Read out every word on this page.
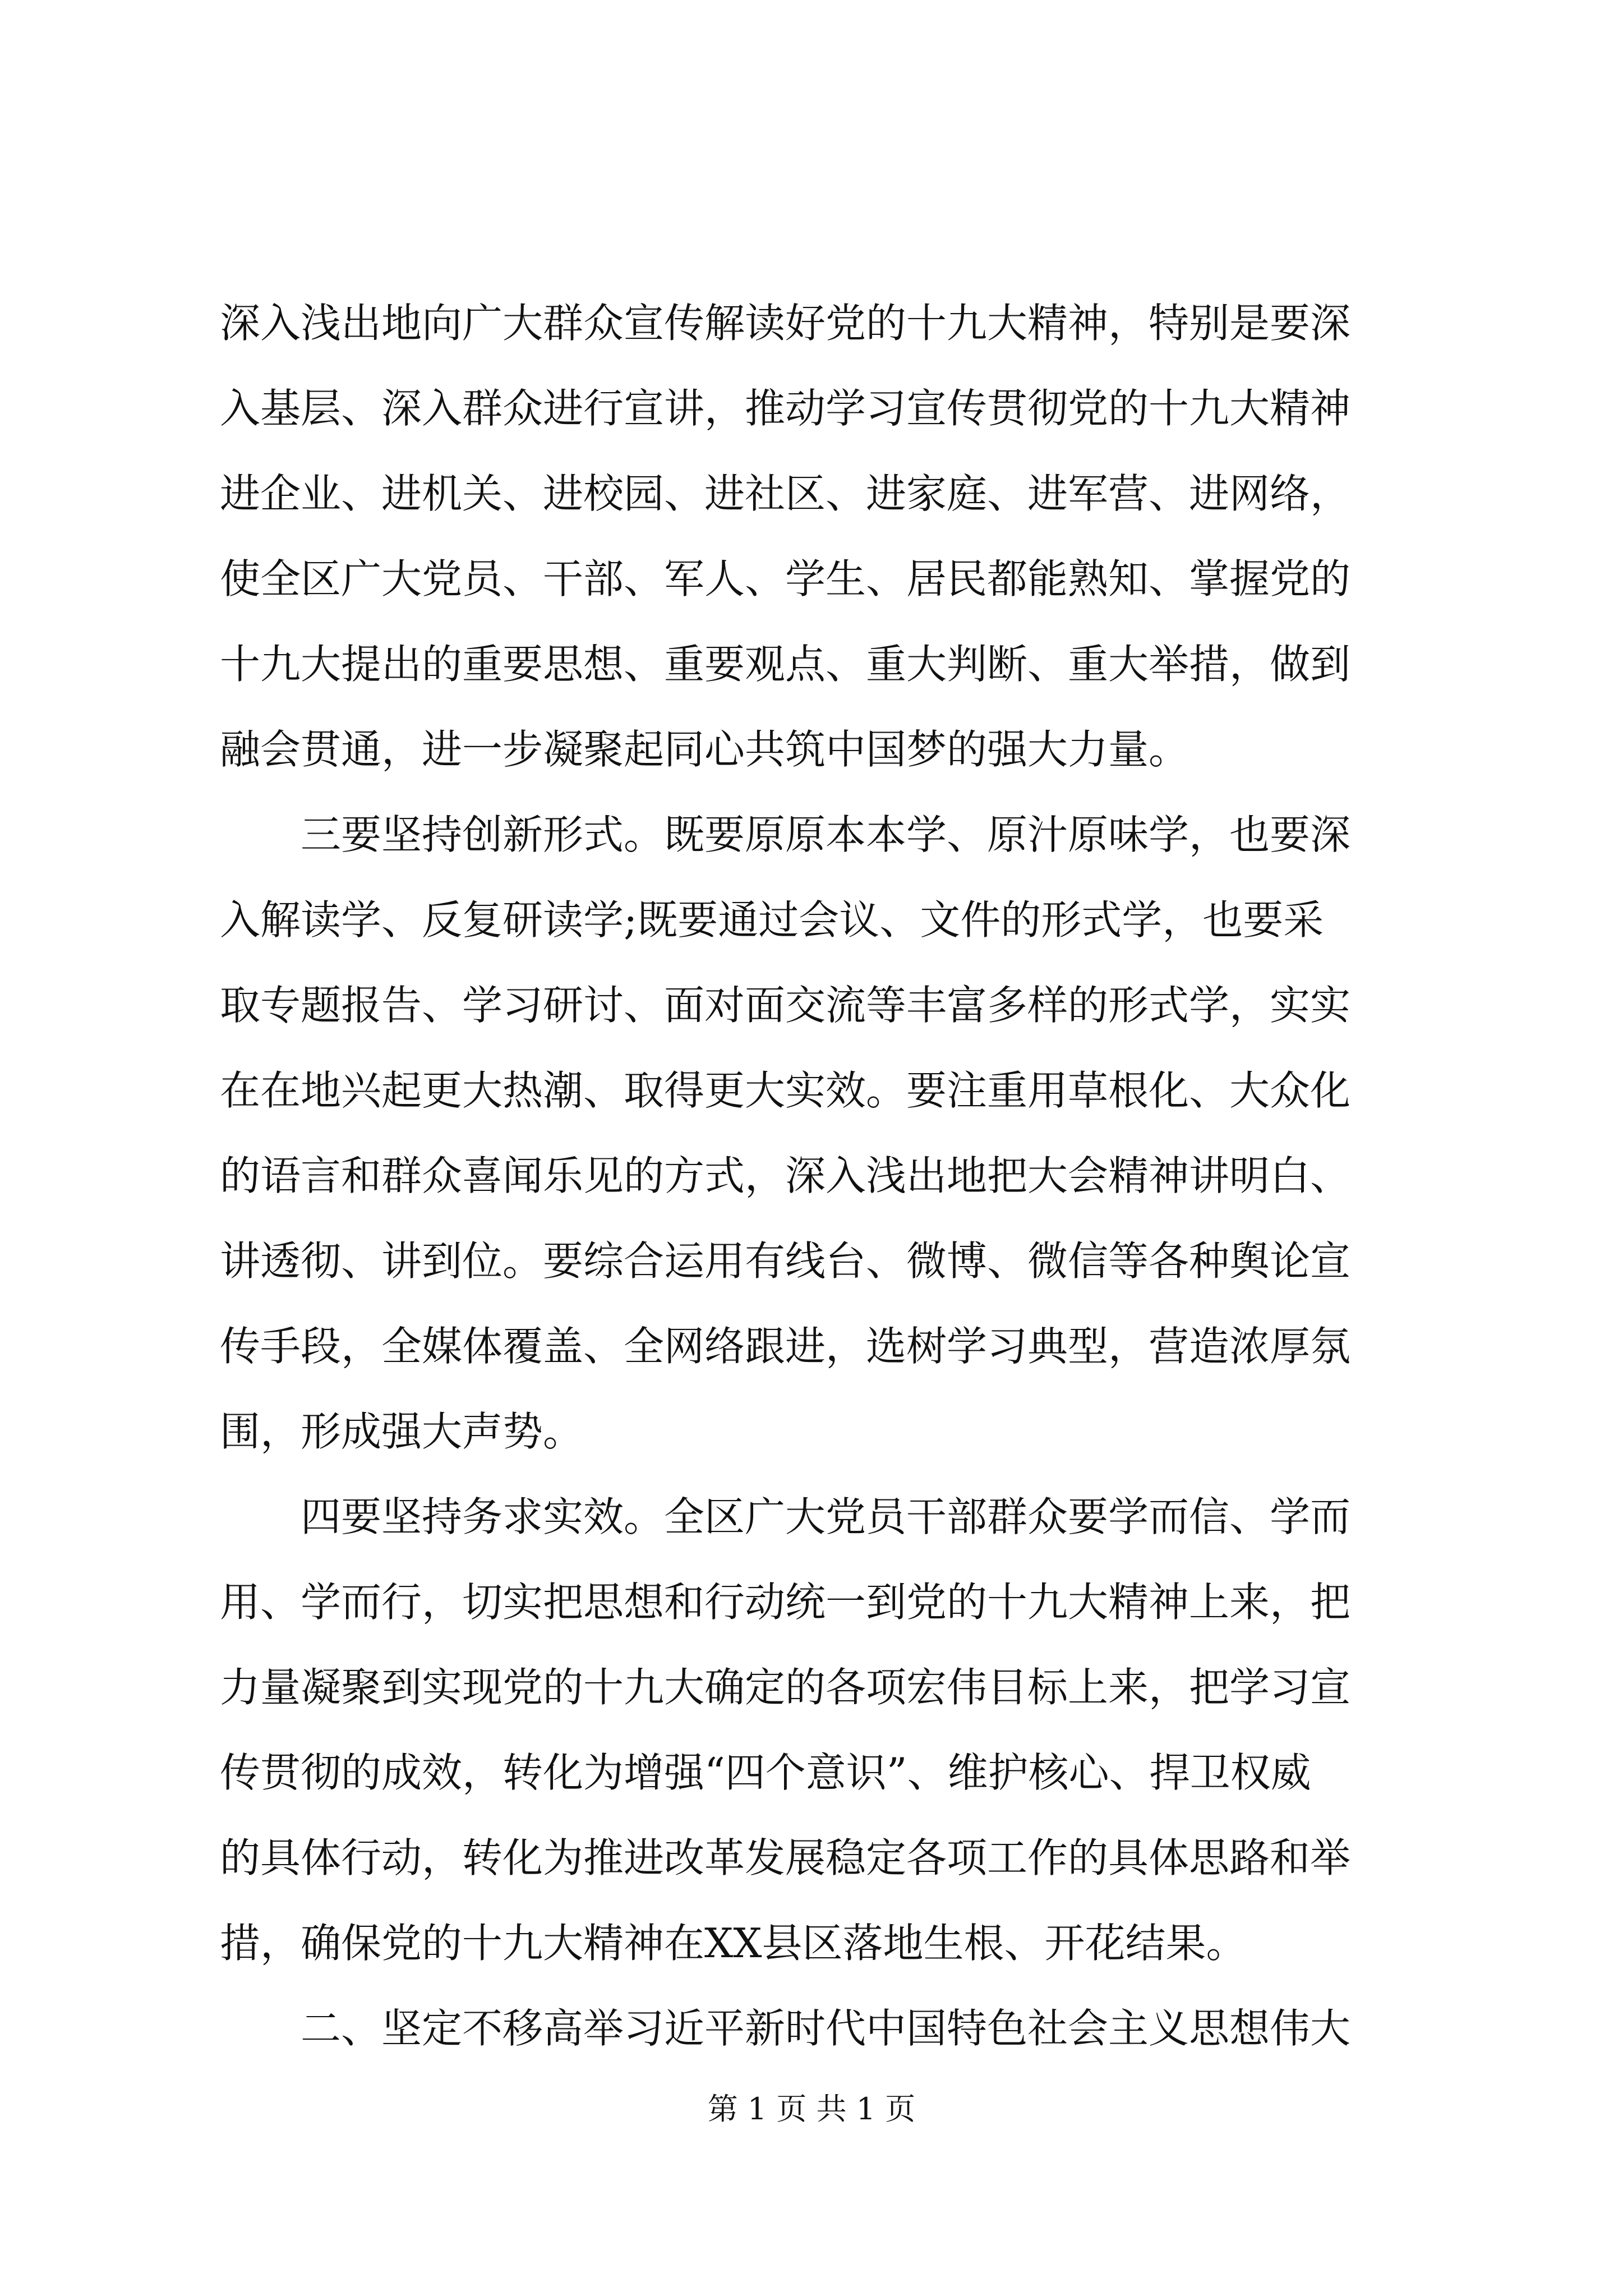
深入浅出地向广大群众宣传解读好党的十九大精神，特别是要深
入基层、深入群众进行宣讲，推动学习宣传贯彻党的十九大精神
进企业、进机关、进校园、进社区、进家庭、进军营、进网络，
使全区广大党员、干部、军人、学生、居民都能熟知、掌握党的
十九大提出的重要思想、重要观点、重大判断、重大举措，做到
融会贯通，进一步凝聚起同心共筑中国梦的强大力量。
三要坚持创新形式。既要原原本本学、原汁原味学，也要深
入解读学、反复研读学;既要通过会议、文件的形式学，也要采
取专题报告、学习研讨、面对面交流等丰富多样的形式学，实实
在在地兴起更大热潮、取得更大实效。要注重用草根化、大众化
的语言和群众喜闻乐见的方式，深入浅出地把大会精神讲明白、
讲透彻、讲到位。要综合运用有线台、微博、微信等各种舆论宣
传手段，全媒体覆盖、全网络跟进，选树学习典型，营造浓厚氛
围，形成强大声势。
四要坚持务求实效。全区广大党员干部群众要学而信、学而
用、学而行，切实把思想和行动统一到党的十九大精神上来，把
力量凝聚到实现党的十九大确定的各项宏伟目标上来，把学习宣
传贯彻的成效，转化为增强“四个意识”、维护核心、捍卫权威
的具体行动，转化为推进改革发展稳定各项工作的具体思路和举
措，确保党的十九大精神在XX县区落地生根、开花结果。
二、坚定不移高举习近平新时代中国特色社会主义思想伟大
第 1 页 共 1 页
